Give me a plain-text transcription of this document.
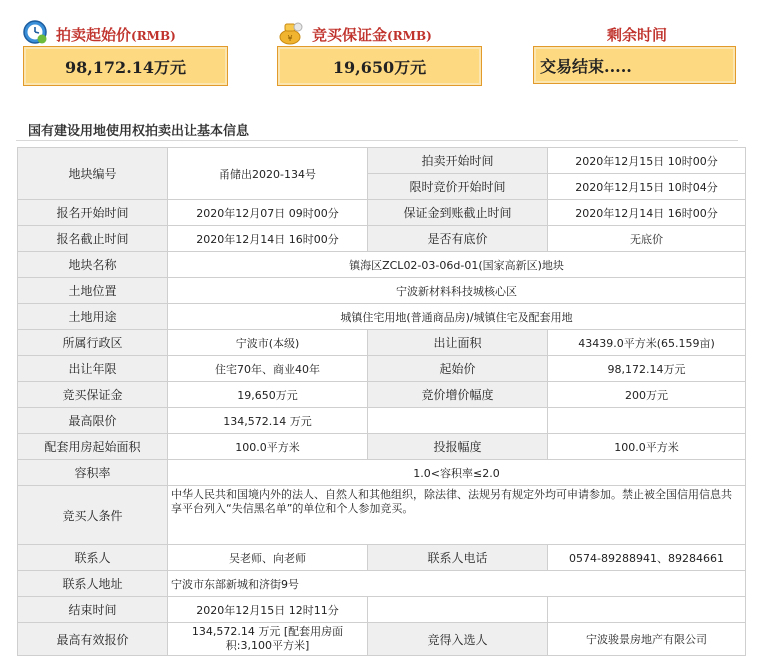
拍卖起始价(RMB)
98,172.14万元
¥ 竞买保证金(RMB)
19,650万元
剩余时间
交易结束.....
国有建设用地使用权拍卖出让基本信息
地块编号	甬储出2020-134号	拍卖开始时间	2020年12月15日 10时00分
		限时竞价开始时间	2020年12月15日 10时04分
报名开始时间	2020年12月07日 09时00分	保证金到账截止时间	2020年12月14日 16时00分
报名截止时间	2020年12月14日 16时00分	是否有底价	无底价
地块名称	镇海区ZCL02-03-06d-01(国家高新区)地块		
土地位置	宁波新材料科技城核心区		
土地用途	城镇住宅用地(普通商品房)/城镇住宅及配套用地		
所属行政区	宁波市(本级)	出让面积	43439.0平方米(65.159亩)
出让年限	住宅70年、商业40年	起始价	98,172.14万元
竞买保证金	19,650万元	竞价增价幅度	200万元
最高限价	134,572.14 万元		
配套用房起始面积	100.0平方米	投报幅度	100.0平方米
容积率	1.0<容积率≤2.0		
竞买人条件	中华人民共和国境内外的法人、自然人和其他组织，除法律、法规另有规定外均可申请参加。禁止被全国信用信息共享平台列入“失信黑名单”的单位和个人参加竞买。		
联系人	吴老师、向老师	联系人电话	0574-89288941、89284661
联系人地址	宁波市东部新城和济街9号		
结束时间	2020年12月15日 12时11分		
最高有效报价	134,572.14 万元 [配套用房面积:3,100平方米]	竞得入选人	宁波骏景房地产有限公司
